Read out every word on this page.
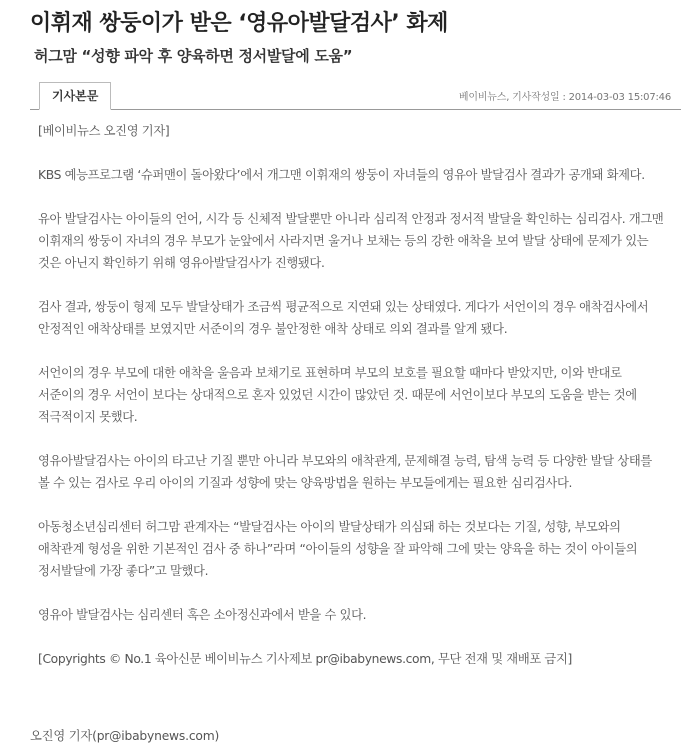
이휘재 쌍둥이가 받은 ‘영유아발달검사’ 화제
허그맘 “성향 파악 후 양육하면 정서발달에 도움”
기사본문	베이비뉴스, 기사작성일 : 2014-03-03 15:07:46

[베이비뉴스 오진영 기자]

KBS 예능프로그램 ‘슈퍼맨이 돌아왔다’에서 개그맨 이휘재의 쌍둥이 자녀들의 영유아 발달검사 결과가 공개돼 화제다.

유아 발달검사는 아이들의 언어, 시각 등 신체적 발달뿐만 아니라 심리적 안정과 정서적 발달을 확인하는 심리검사. 개그맨 이휘재의 쌍둥이 자녀의 경우 부모가 눈앞에서 사라지면 울거나 보채는 등의 강한 애착을 보여 발달 상태에 문제가 있는 것은 아닌지 확인하기 위해 영유아발달검사가 진행됐다.

검사 결과, 쌍둥이 형제 모두 발달상태가 조금씩 평균적으로 지연돼 있는 상태였다. 게다가 서언이의 경우 애착검사에서 안정적인 애착상태를 보였지만 서준이의 경우 불안정한 애착 상태로 의외 결과를 알게 됐다.

서언이의 경우 부모에 대한 애착을 울음과 보채기로 표현하며 부모의 보호를 필요할 때마다 받았지만, 이와 반대로 서준이의 경우 서언이 보다는 상대적으로 혼자 있었던 시간이 많았던 것. 때문에 서언이보다 부모의 도움을 받는 것에 적극적이지 못했다.

영유아발달검사는 아이의 타고난 기질 뿐만 아니라 부모와의 애착관계, 문제해결 능력, 탐색 능력 등 다양한 발달 상태를 볼 수 있는 검사로 우리 아이의 기질과 성향에 맞는 양육방법을 원하는 부모들에게는 필요한 심리검사다.

아동청소년심리센터 허그맘 관계자는 “발달검사는 아이의 발달상태가 의심돼 하는 것보다는 기질, 성향, 부모와의 애착관계 형성을 위한 기본적인 검사 중 하나”라며 “아이들의 성향을 잘 파악해 그에 맞는 양육을 하는 것이 아이들의 정서발달에 가장 좋다”고 말했다.

영유아 발달검사는 심리센터 혹은 소아정신과에서 받을 수 있다.

[Copyrights © No.1 육아신문 베이비뉴스 기사제보 pr@ibabynews.com, 무단 전재 및 재배포 금지]

오진영 기자(pr@ibabynews.com)
